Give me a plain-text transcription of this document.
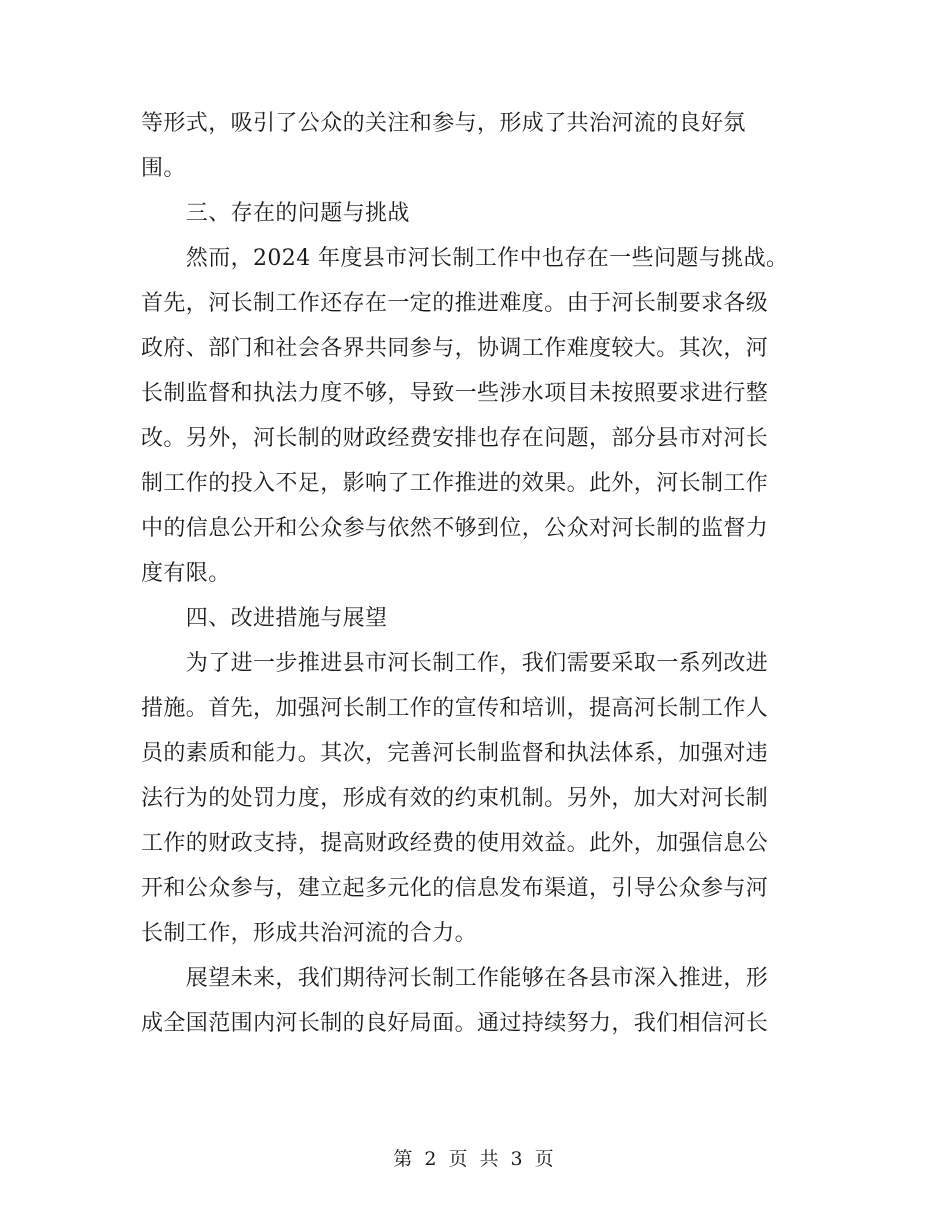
等形式，吸引了公众的关注和参与，形成了共治河流的良好氛
围。
　　三、存在的问题与挑战
　　然而，2024 年度县市河长制工作中也存在一些问题与挑战。
首先，河长制工作还存在一定的推进难度。由于河长制要求各级
政府、部门和社会各界共同参与，协调工作难度较大。其次，河
长制监督和执法力度不够，导致一些涉水项目未按照要求进行整
改。另外，河长制的财政经费安排也存在问题，部分县市对河长
制工作的投入不足，影响了工作推进的效果。此外，河长制工作
中的信息公开和公众参与依然不够到位，公众对河长制的监督力
度有限。
　　四、改进措施与展望
　　为了进一步推进县市河长制工作，我们需要采取一系列改进
措施。首先，加强河长制工作的宣传和培训，提高河长制工作人
员的素质和能力。其次，完善河长制监督和执法体系，加强对违
法行为的处罚力度，形成有效的约束机制。另外，加大对河长制
工作的财政支持，提高财政经费的使用效益。此外，加强信息公
开和公众参与，建立起多元化的信息发布渠道，引导公众参与河
长制工作，形成共治河流的合力。
　　展望未来，我们期待河长制工作能够在各县市深入推进，形
成全国范围内河长制的良好局面。通过持续努力，我们相信河长
第 2 页 共 3 页
